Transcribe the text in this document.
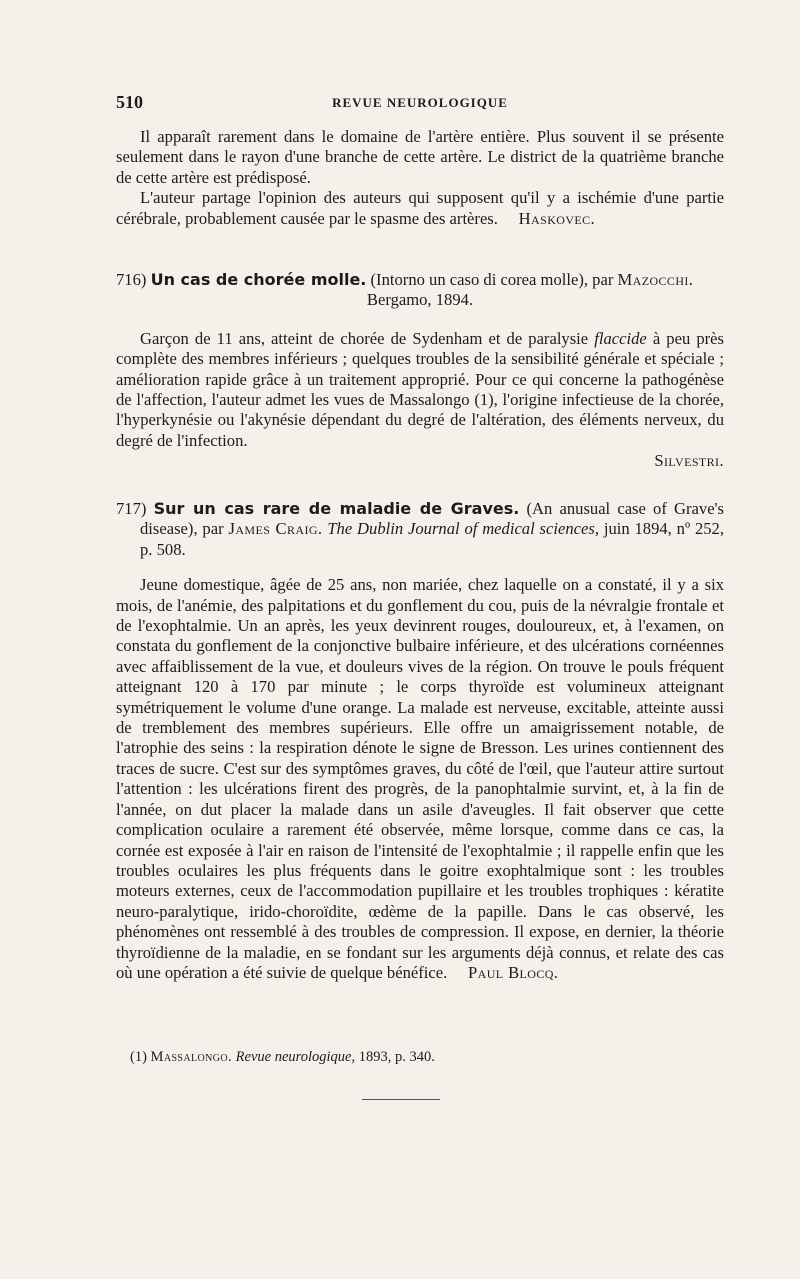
510	REVUE NEUROLOGIQUE

Il apparaît rarement dans le domaine de l'artère entière. Plus souvent il se présente seulement dans le rayon d'une branche de cette artère. Le district de la quatrième branche de cette artère est prédisposé.

L'auteur partage l'opinion des auteurs qui supposent qu'il y a ischémie d'une partie cérébrale, probablement causée par le spasme des artères. Haskovec.

716) Un cas de chorée molle. (Intorno un caso di corea molle), par Mazocchi.
Bergamo, 1894.

Garçon de 11 ans, atteint de chorée de Sydenham et de paralysie flaccide à peu près complète des membres inférieurs ; quelques troubles de la sensibilité générale et spéciale ; amélioration rapide grâce à un traitement approprié. Pour ce qui concerne la pathogénèse de l'affection, l'auteur admet les vues de Massalongo (1), l'origine infectieuse de la chorée, l'hyperkynésie ou l'akynésie dépendant du degré de l'altération, des éléments nerveux, du degré de l'infection.

Silvestri.

717) Sur un cas rare de maladie de Graves. (An anusual case of Grave's disease), par James Craig. The Dublin Journal of medical sciences, juin 1894, nº 252, p. 508.

Jeune domestique, âgée de 25 ans, non mariée, chez laquelle on a constaté, il y a six mois, de l'anémie, des palpitations et du gonflement du cou, puis de la névralgie frontale et de l'exophtalmie. Un an après, les yeux devinrent rouges, douloureux, et, à l'examen, on constata du gonflement de la conjonctive bulbaire inférieure, et des ulcérations cornéennes avec affaiblissement de la vue, et douleurs vives de la région. On trouve le pouls fréquent atteignant 120 à 170 par minute ; le corps thyroïde est volumineux atteignant symétriquement le volume d'une orange. La malade est nerveuse, excitable, atteinte aussi de tremblement des membres supérieurs. Elle offre un amaigrissement notable, de l'atrophie des seins : la respiration dénote le signe de Bresson. Les urines contiennent des traces de sucre. C'est sur des symptômes graves, du côté de l'œil, que l'auteur attire surtout l'attention : les ulcérations firent des progrès, de la panophtalmie survint, et, à la fin de l'année, on dut placer la malade dans un asile d'aveugles. Il fait observer que cette complication oculaire a rarement été observée, même lorsque, comme dans ce cas, la cornée est exposée à l'air en raison de l'intensité de l'exophtalmie ; il rappelle enfin que les troubles oculaires les plus fréquents dans le goitre exophtalmique sont : les troubles moteurs externes, ceux de l'accommodation pupillaire et les troubles trophiques : kératite neuro-paralytique, irido-choroïdite, œdème de la papille. Dans le cas observé, les phénomènes ont ressemblé à des troubles de compression. Il expose, en dernier, la théorie thyroïdienne de la maladie, en se fondant sur les arguments déjà connus, et relate des cas où une opération a été suivie de quelque bénéfice. Paul Blocq.

(1) Massalongo. Revue neurologique, 1893, p. 340.
